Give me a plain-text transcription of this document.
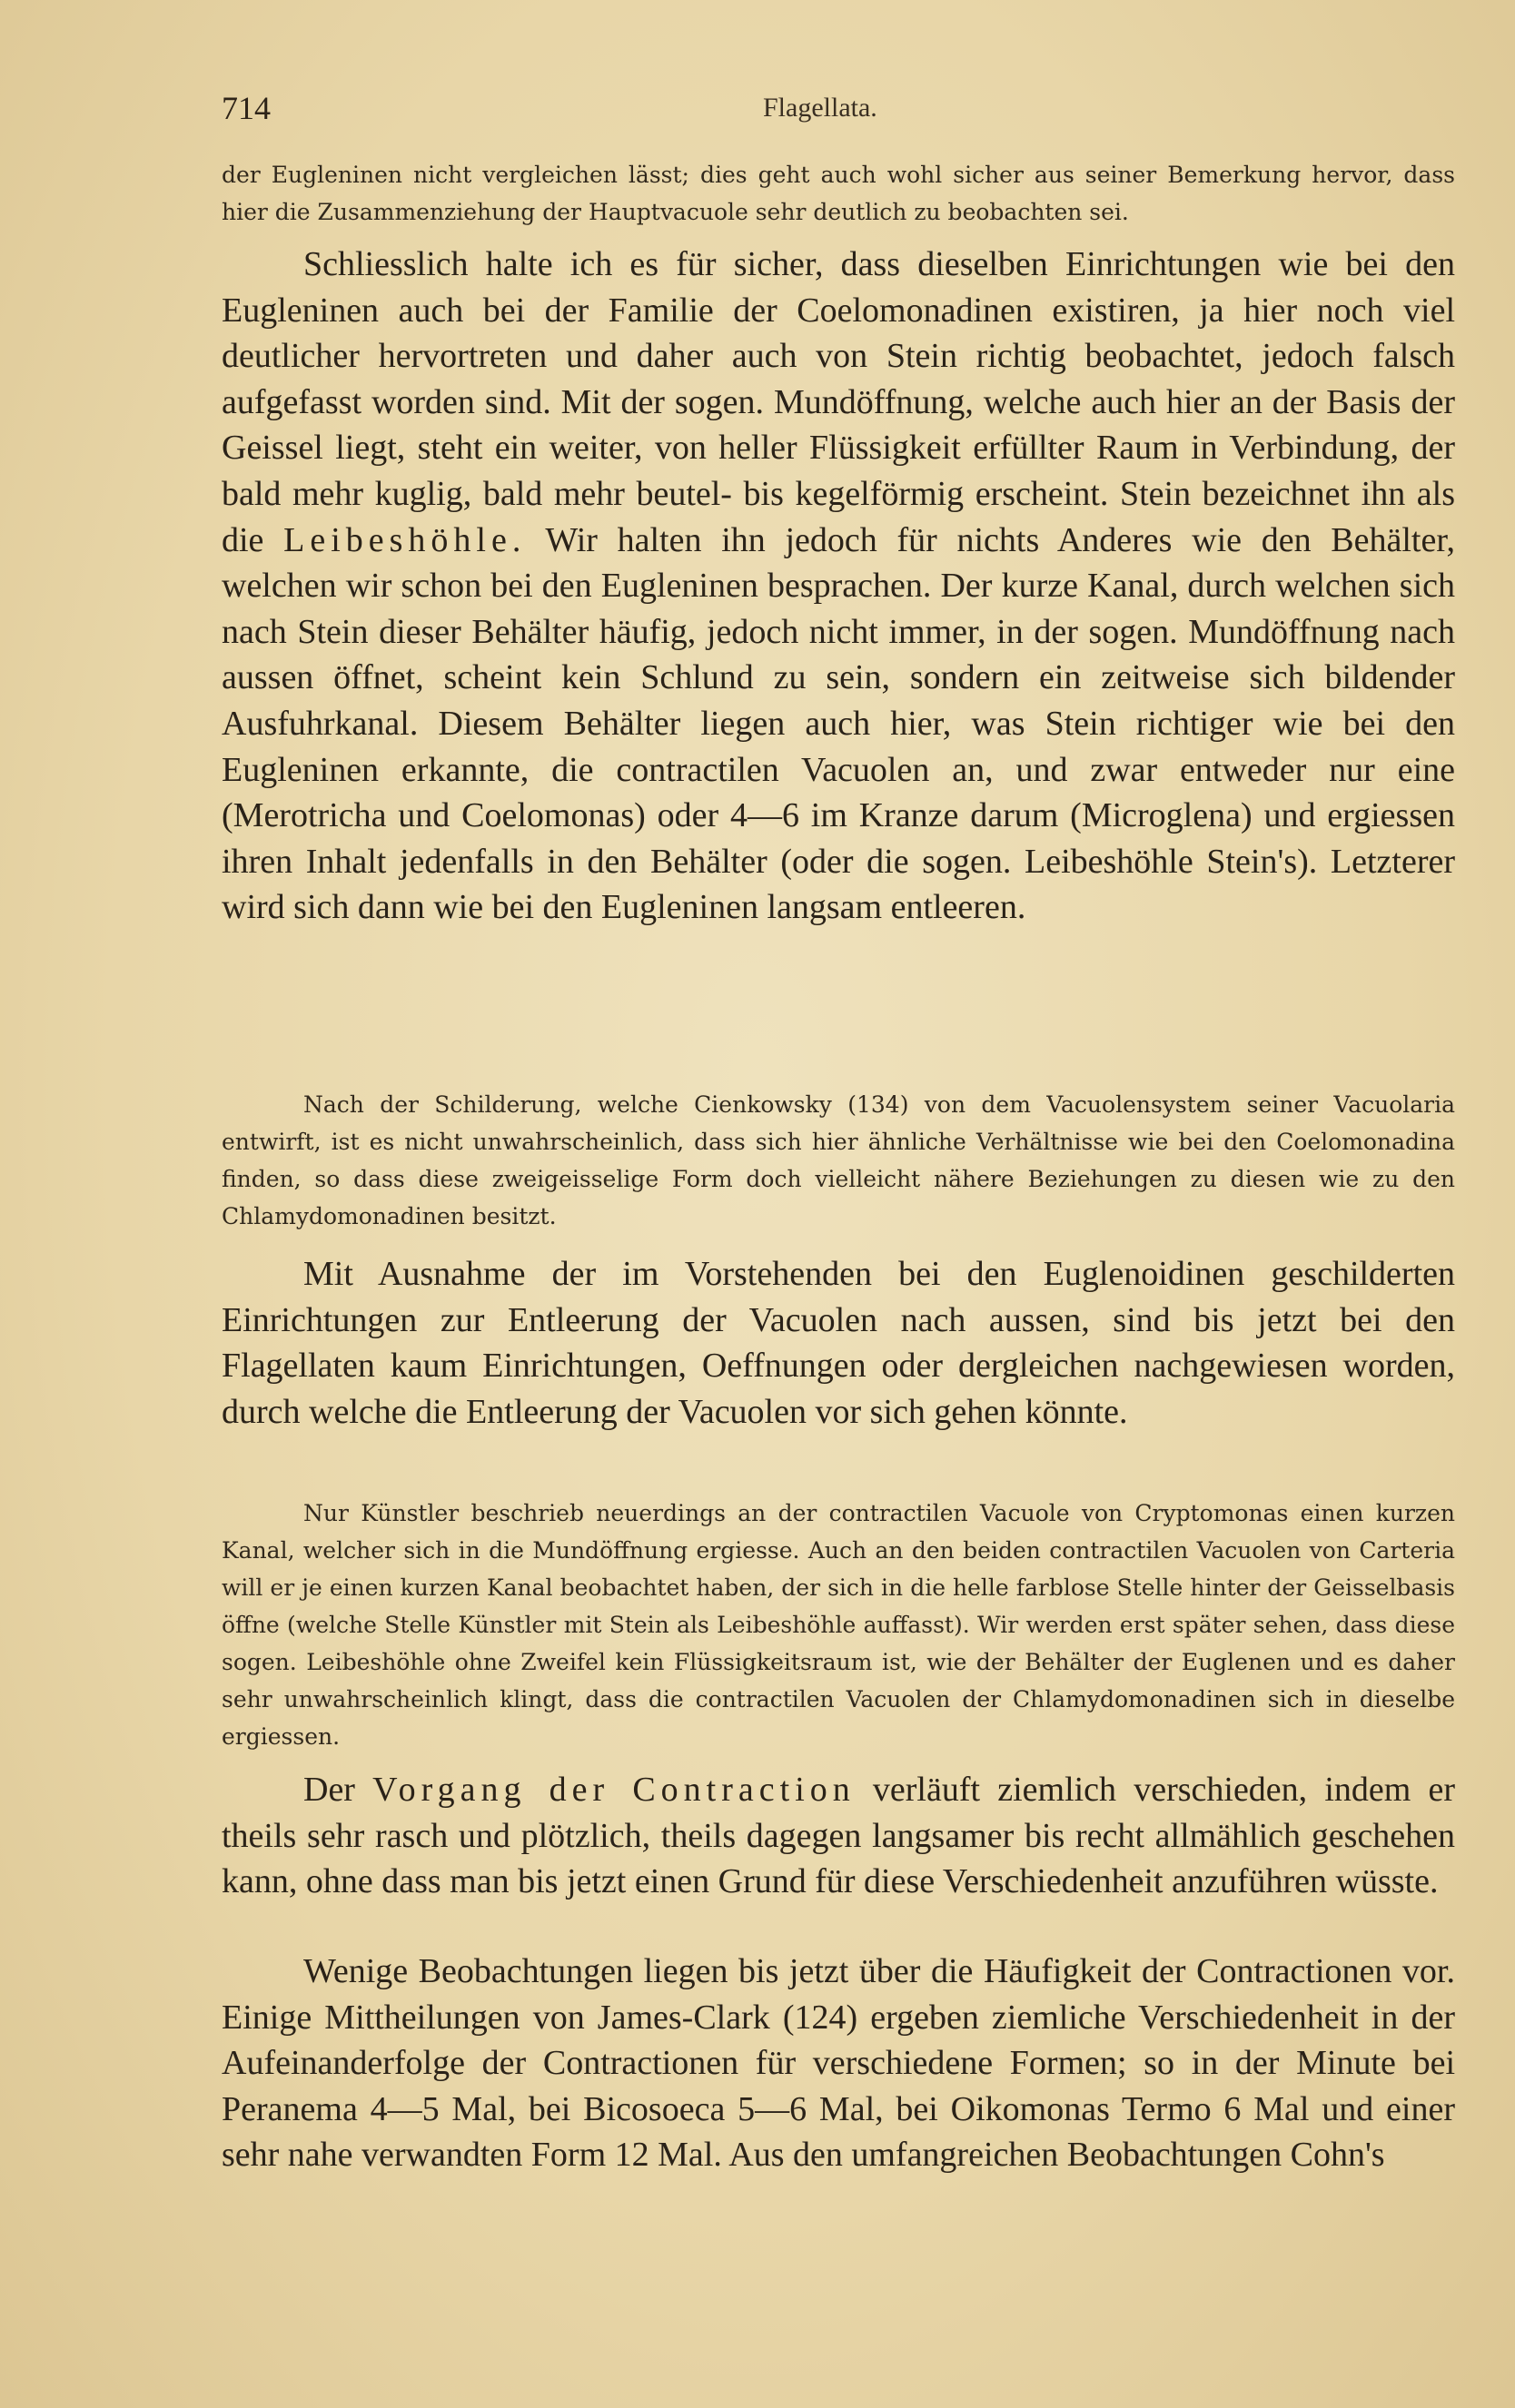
714	Flagellata.

der Eugleninen nicht vergleichen lässt; dies geht auch wohl sicher aus seiner Bemerkung hervor, dass hier die Zusammenziehung der Hauptvacuole sehr deutlich zu beobachten sei.

Schliesslich halte ich es für sicher, dass dieselben Einrichtungen wie bei den Eugleninen auch bei der Familie der Coelomonadinen existiren, ja hier noch viel deutlicher hervortreten und daher auch von Stein richtig beobachtet, jedoch falsch aufgefasst worden sind. Mit der sogen. Mundöffnung, welche auch hier an der Basis der Geissel liegt, steht ein weiter, von heller Flüssigkeit erfüllter Raum in Verbindung, der bald mehr kuglig, bald mehr beutel- bis kegelförmig erscheint. Stein bezeichnet ihn als die Leibeshöhle. Wir halten ihn jedoch für nichts Anderes wie den Behälter, welchen wir schon bei den Eugleninen besprachen. Der kurze Kanal, durch welchen sich nach Stein dieser Behälter häufig, jedoch nicht immer, in der sogen. Mundöffnung nach aussen öffnet, scheint kein Schlund zu sein, sondern ein zeitweise sich bildender Ausfuhrkanal. Diesem Behälter liegen auch hier, was Stein richtiger wie bei den Eugleninen erkannte, die contractilen Vacuolen an, und zwar entweder nur eine (Merotricha und Coelomonas) oder 4—6 im Kranze darum (Microglena) und ergiessen ihren Inhalt jedenfalls in den Behälter (oder die sogen. Leibeshöhle Stein's). Letzterer wird sich dann wie bei den Eugleninen langsam entleeren.

Nach der Schilderung, welche Cienkowsky (134) von dem Vacuolensystem seiner Vacuolaria entwirft, ist es nicht unwahrscheinlich, dass sich hier ähnliche Verhältnisse wie bei den Coelomonadina finden, so dass diese zweigeisselige Form doch vielleicht nähere Beziehungen zu diesen wie zu den Chlamydomonadinen besitzt.

Mit Ausnahme der im Vorstehenden bei den Euglenoidinen geschilderten Einrichtungen zur Entleerung der Vacuolen nach aussen, sind bis jetzt bei den Flagellaten kaum Einrichtungen, Oeffnungen oder dergleichen nachgewiesen worden, durch welche die Entleerung der Vacuolen vor sich gehen könnte.

Nur Künstler beschrieb neuerdings an der contractilen Vacuole von Cryptomonas einen kurzen Kanal, welcher sich in die Mundöffnung ergiesse. Auch an den beiden contractilen Vacuolen von Carteria will er je einen kurzen Kanal beobachtet haben, der sich in die helle farblose Stelle hinter der Geisselbasis öffne (welche Stelle Künstler mit Stein als Leibeshöhle auffasst). Wir werden erst später sehen, dass diese sogen. Leibeshöhle ohne Zweifel kein Flüssigkeitsraum ist, wie der Behälter der Euglenen und es daher sehr unwahrscheinlich klingt, dass die contractilen Vacuolen der Chlamydomonadinen sich in dieselbe ergiessen.

Der Vorgang der Contraction verläuft ziemlich verschieden, indem er theils sehr rasch und plötzlich, theils dagegen langsamer bis recht allmählich geschehen kann, ohne dass man bis jetzt einen Grund für diese Verschiedenheit anzuführen wüsste.

Wenige Beobachtungen liegen bis jetzt über die Häufigkeit der Contractionen vor. Einige Mittheilungen von James-Clark (124) ergeben ziemliche Verschiedenheit in der Aufeinanderfolge der Contractionen für verschiedene Formen; so in der Minute bei Peranema 4—5 Mal, bei Bicosoeca 5—6 Mal, bei Oikomonas Termo 6 Mal und einer sehr nahe verwandten Form 12 Mal. Aus den umfangreichen Beobachtungen Cohn's
